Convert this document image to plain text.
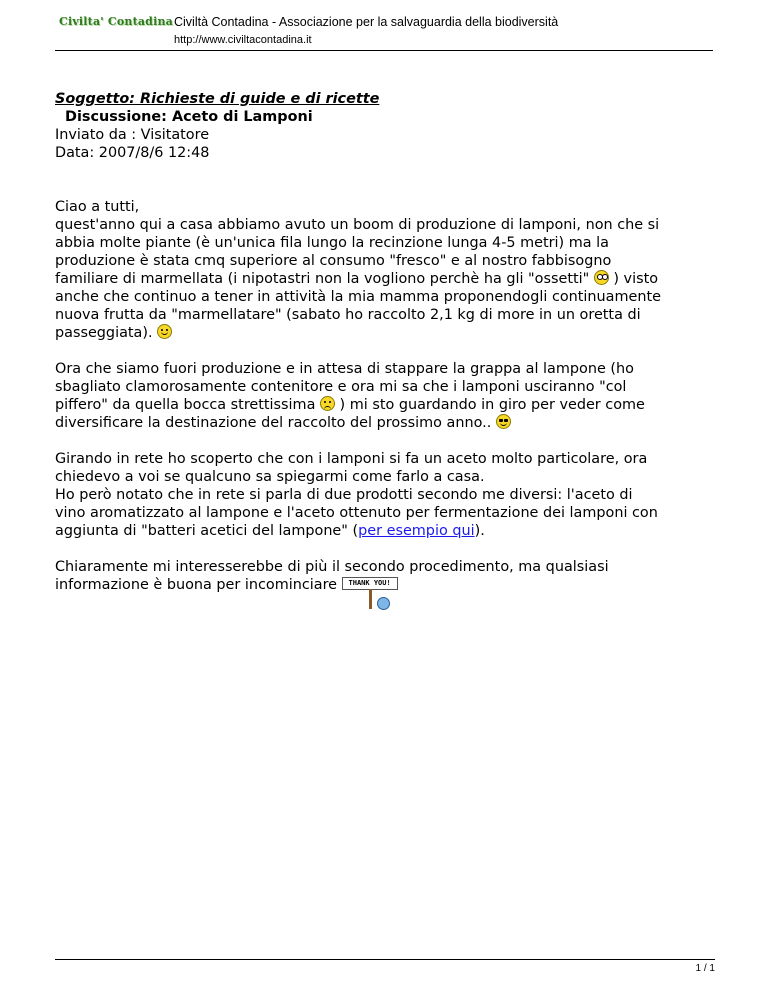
Civilta' Contadina Civiltà Contadina - Associazione per la salvaguardia della biodiversità
http://www.civiltacontadina.it
Soggetto: Richieste di guide e di ricette
Discussione: Aceto di Lamponi
Inviato da : Visitatore
Data: 2007/8/6 12:48

Ciao a tutti,
quest'anno qui a casa abbiamo avuto un boom di produzione di lamponi, non che si
abbia molte piante (è un'unica fila lungo la recinzione lunga 4-5 metri) ma la
produzione è stata cmq superiore al consumo "fresco" e al nostro fabbisogno
familiare di marmellata (i nipotastri non la vogliono perchè ha gli "ossetti"  ) visto
anche che continuo a tener in attività la mia mamma proponendogli continuamente
nuova frutta da "marmellatare" (sabato ho raccolto 2,1 kg di more in un oretta di
passeggiata).

Ora che siamo fuori produzione e in attesa di stappare la grappa al lampone (ho
sbagliato clamorosamente contenitore e ora mi sa che i lamponi usciranno "col
piffero" da quella bocca strettissima  ) mi sto guardando in giro per veder come
diversificare la destinazione del raccolto del prossimo anno..

Girando in rete ho scoperto che con i lamponi si fa un aceto molto particolare, ora
chiedevo a voi se qualcuno sa spiegarmi come farlo a casa.
Ho però notato che in rete si parla di due prodotti secondo me diversi: l'aceto di
vino aromatizzato al lampone e l'aceto ottenuto per fermentazione dei lamponi con
aggiunta di "batteri acetici del lampone" (per esempio qui).

Chiaramente mi interesserebbe di più il secondo procedimento, ma qualsiasi
informazione è buona per incominciare THANK YOU!

1 / 1
